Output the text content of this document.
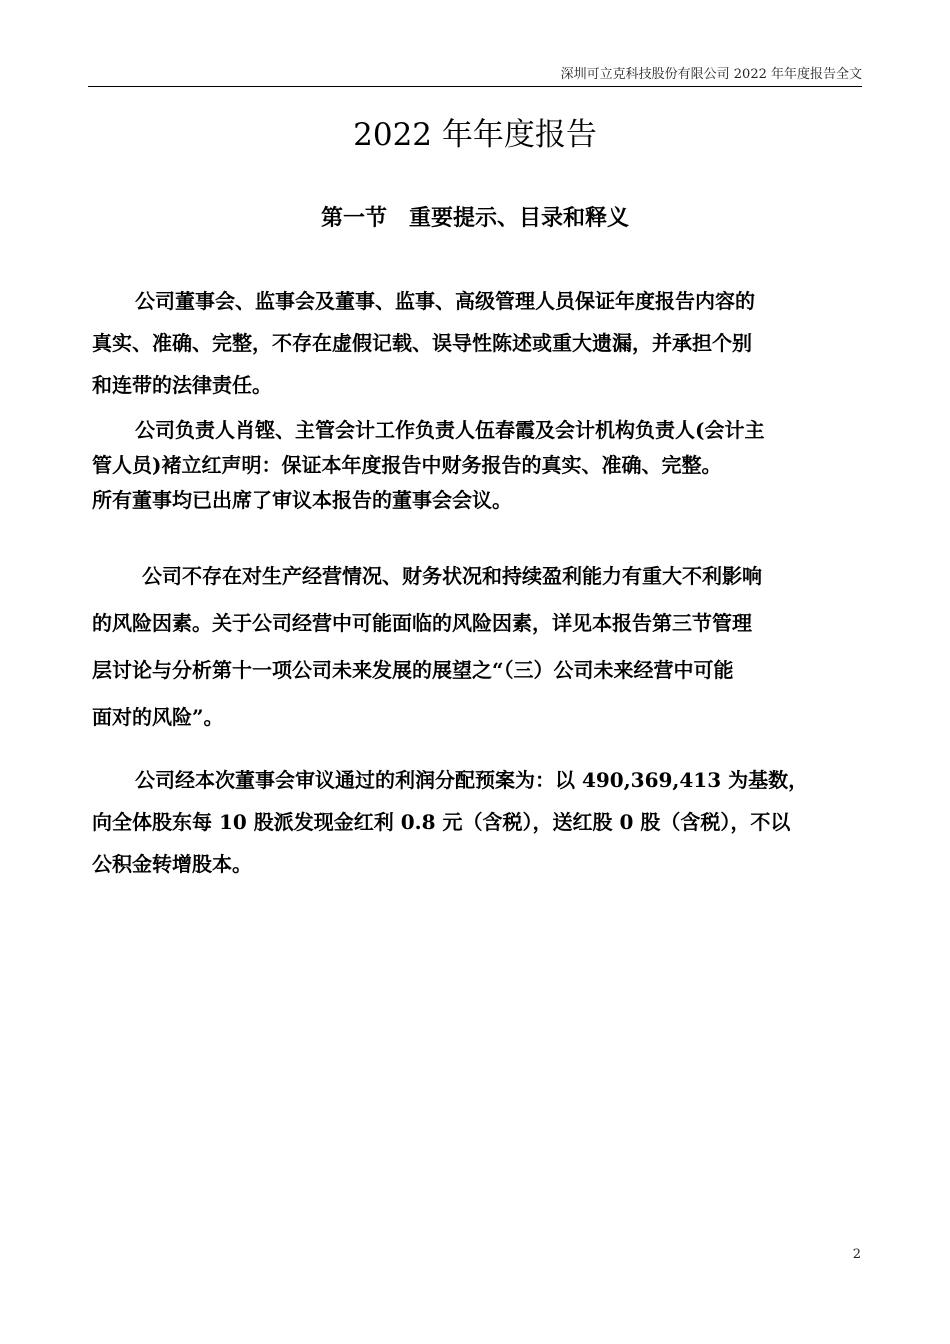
深圳可立克科技股份有限公司 2022 年年度报告全文
2022 年年度报告
第一节　重要提示、目录和释义
公司董事会、监事会及董事、监事、高级管理人员保证年度报告内容的
真实、准确、完整，不存在虚假记载、误导性陈述或重大遗漏，并承担个别
和连带的法律责任。
公司负责人肖铿、主管会计工作负责人伍春霞及会计机构负责人(会计主
管人员)褚立红声明：保证本年度报告中财务报告的真实、准确、完整。
所有董事均已出席了审议本报告的董事会会议。
公司不存在对生产经营情况、财务状况和持续盈利能力有重大不利影响
的风险因素。关于公司经营中可能面临的风险因素，详见本报告第三节管理
层讨论与分析第十一项公司未来发展的展望之“（三）公司未来经营中可能
面对的风险”。
公司经本次董事会审议通过的利润分配预案为：以 490,369,413 为基数，
向全体股东每 10 股派发现金红利 0.8 元（含税），送红股 0 股（含税），不以
公积金转增股本。
2
